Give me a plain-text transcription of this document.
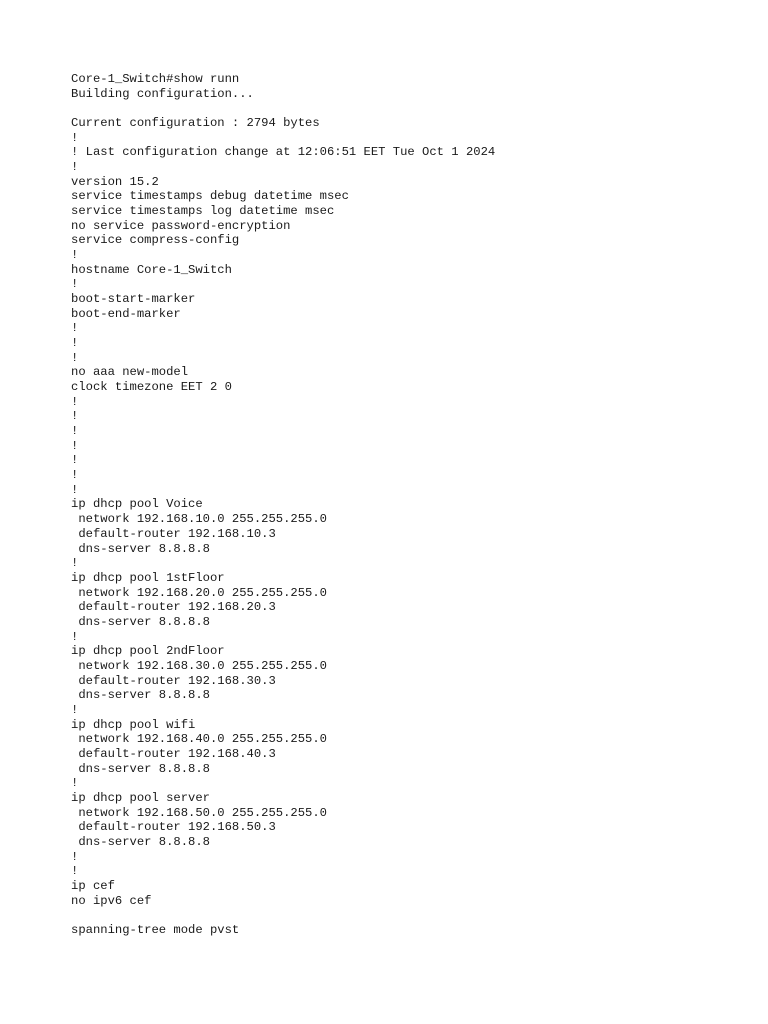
Core-1_Switch#show runn
Building configuration...
Current configuration : 2794 bytes
!
! Last configuration change at 12:06:51 EET Tue Oct 1 2024
!
version 15.2
service timestamps debug datetime msec
service timestamps log datetime msec
no service password-encryption
service compress-config
!
hostname Core-1_Switch
!
boot-start-marker
boot-end-marker
!
!
!
no aaa new-model
clock timezone EET 2 0
!
!
!
!
!
!
!
ip dhcp pool Voice
network 192.168.10.0 255.255.255.0
default-router 192.168.10.3
dns-server 8.8.8.8
!
ip dhcp pool 1stFloor
network 192.168.20.0 255.255.255.0
default-router 192.168.20.3
dns-server 8.8.8.8
!
ip dhcp pool 2ndFloor
network 192.168.30.0 255.255.255.0
default-router 192.168.30.3
dns-server 8.8.8.8
!
ip dhcp pool wifi
network 192.168.40.0 255.255.255.0
default-router 192.168.40.3
dns-server 8.8.8.8
!
ip dhcp pool server
network 192.168.50.0 255.255.255.0
default-router 192.168.50.3
dns-server 8.8.8.8
!
!
ip cef
no ipv6 cef
spanning-tree mode pvst
